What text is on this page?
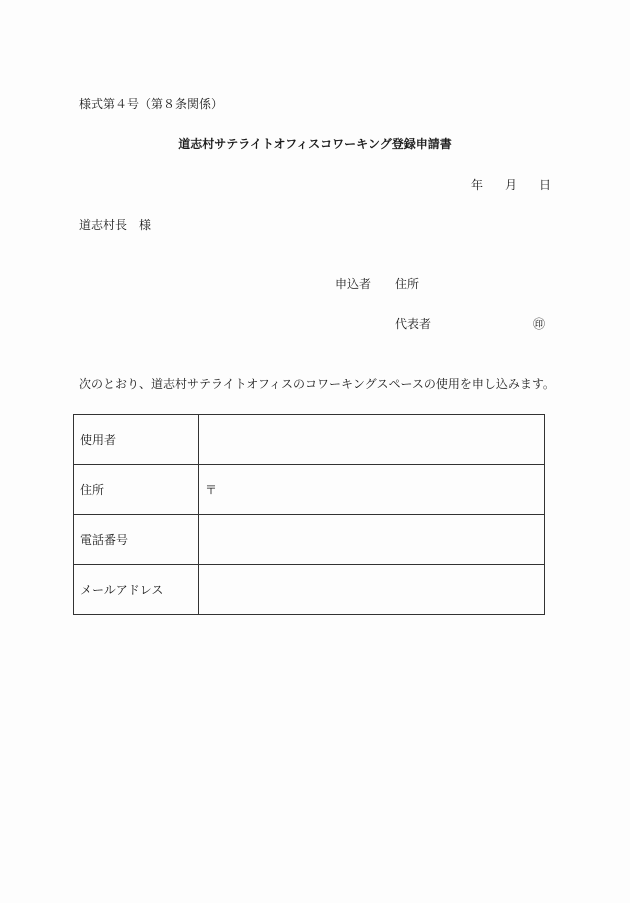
様式第４号（第８条関係）
道志村サテライトオフィスコワーキング登録申請書
年 月 日
道志村長　様
申込者 住所
代表者	㊞
次のとおり、道志村サテライトオフィスのコワーキングスペースの使用を申し込みます。
使用者	
住所	〒
電話番号	
メールアドレス	
